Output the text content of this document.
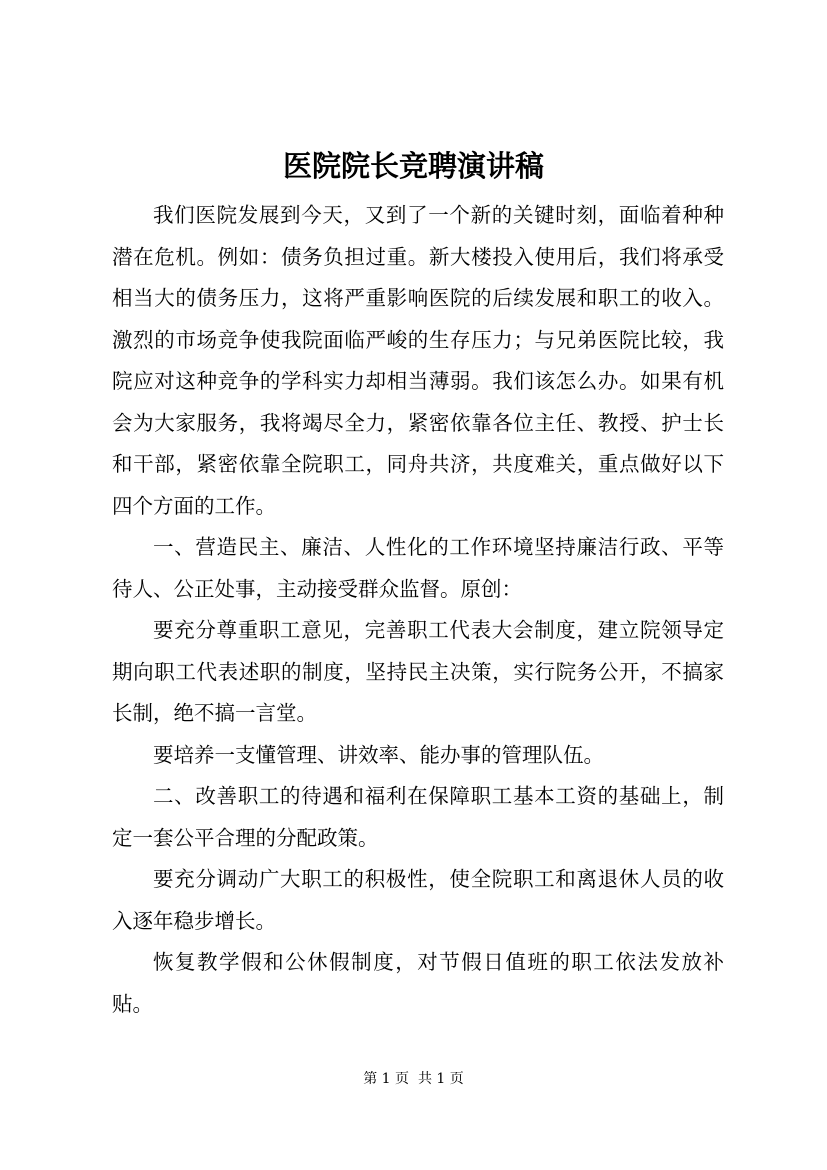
医院院长竞聘演讲稿

我们医院发展到今天，又到了一个新的关键时刻，面临着种种潜在危机。例如：债务负担过重。新大楼投入使用后，我们将承受相当大的债务压力，这将严重影响医院的后续发展和职工的收入。激烈的市场竞争使我院面临严峻的生存压力；与兄弟医院比较，我院应对这种竞争的学科实力却相当薄弱。我们该怎么办。如果有机会为大家服务，我将竭尽全力，紧密依靠各位主任、教授、护士长和干部，紧密依靠全院职工，同舟共济，共度难关，重点做好以下四个方面的工作。

一、营造民主、廉洁、人性化的工作环境坚持廉洁行政、平等待人、公正处事，主动接受群众监督。原创：

要充分尊重职工意见，完善职工代表大会制度，建立院领导定期向职工代表述职的制度，坚持民主决策，实行院务公开，不搞家长制，绝不搞一言堂。

要培养一支懂管理、讲效率、能办事的管理队伍。

二、改善职工的待遇和福利在保障职工基本工资的基础上，制定一套公平合理的分配政策。

要充分调动广大职工的积极性，使全院职工和离退休人员的收入逐年稳步增长。

恢复教学假和公休假制度，对节假日值班的职工依法发放补贴。

第 1 页  共 1 页
